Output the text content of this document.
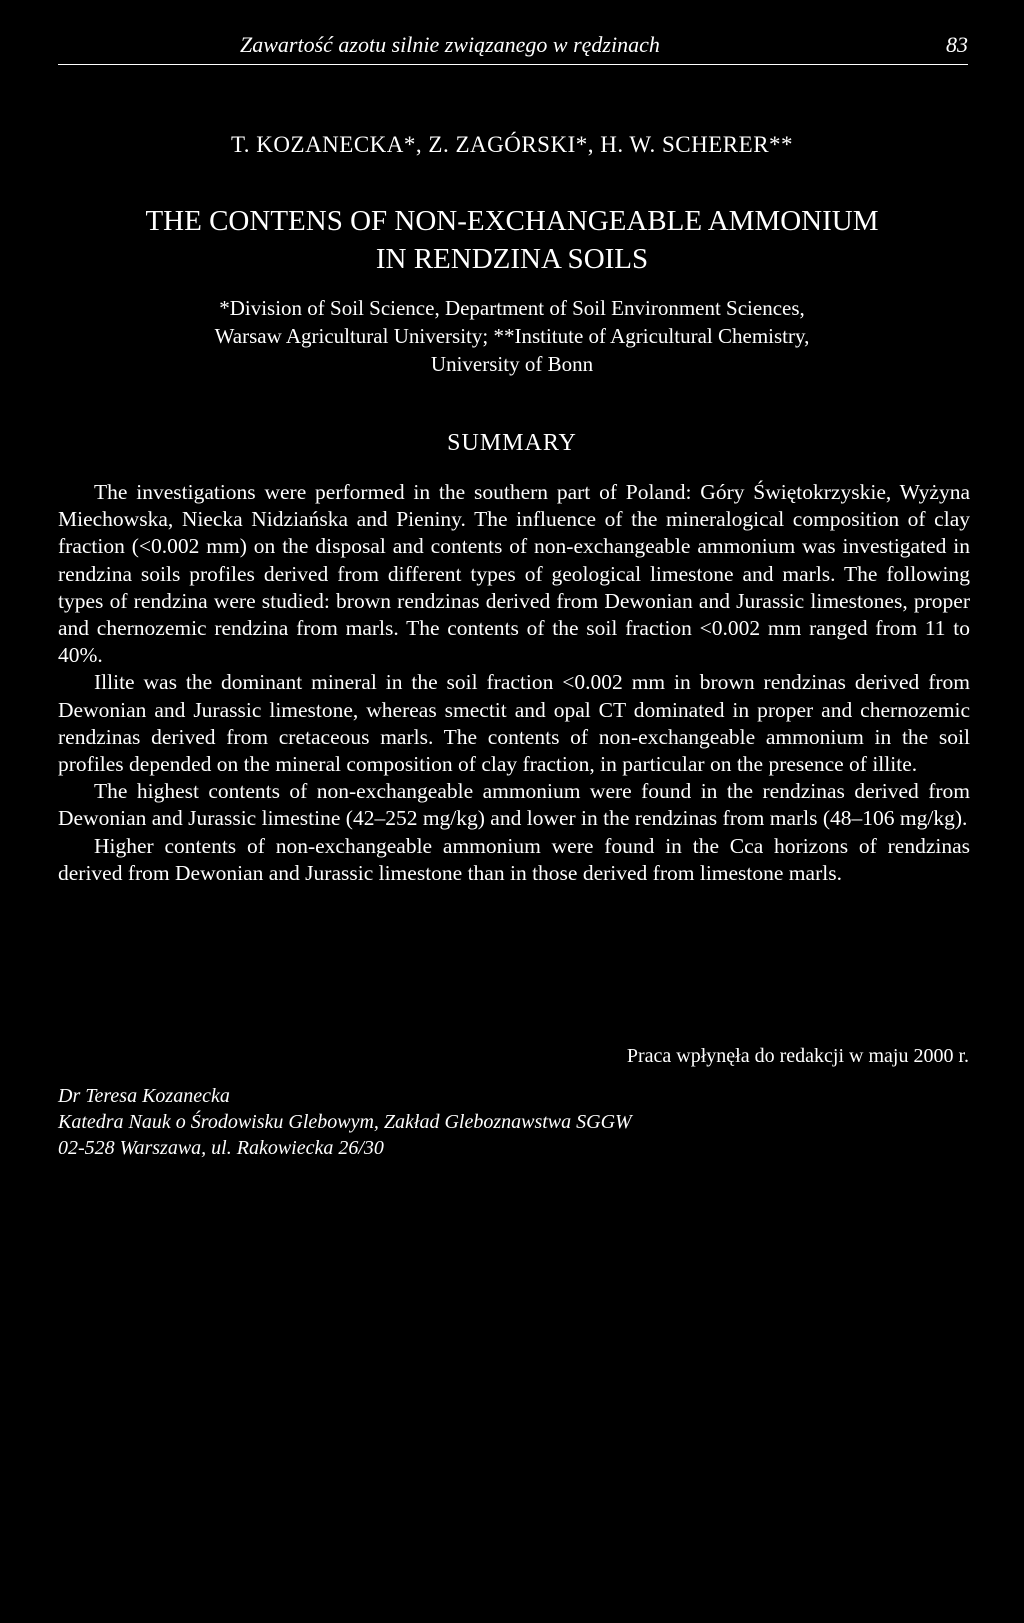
Zawartość azotu silnie związanego w rędzinach	83
T. KOZANECKA*, Z. ZAGÓRSKI*, H. W. SCHERER**
THE CONTENS OF NON-EXCHANGEABLE AMMONIUM
IN RENDZINA SOILS
*Division of Soil Science, Department of Soil Environment Sciences,
Warsaw Agricultural University; **Institute of Agricultural Chemistry,
University of Bonn
SUMMARY

The investigations were performed in the southern part of Poland: Góry Świętokrzyskie, Wyżyna Miechowska, Niecka Nidziańska and Pieniny. The influence of the mineralogical composition of clay fraction (<0.002 mm) on the disposal and contents of non-exchangeable ammonium was investigated in rendzina soils profiles derived from different types of geological limestone and marls. The following types of rendzina were studied: brown rendzinas derived from Dewonian and Jurassic limestones, proper and chernozemic rendzina from marls. The contents of the soil fraction <0.002 mm ranged from 11 to 40%.

Illite was the dominant mineral in the soil fraction <0.002 mm in brown rendzinas derived from Dewonian and Jurassic limestone, whereas smectit and opal CT dominated in proper and chernozemic rendzinas derived from cretaceous marls. The contents of non-exchangeable ammonium in the soil profiles depended on the mineral composition of clay fraction, in particular on the presence of illite.

The highest contents of non-exchangeable ammonium were found in the rendzinas derived from Dewonian and Jurassic limestine (42–252 mg/kg) and lower in the rendzinas from marls (48–106 mg/kg).

Higher contents of non-exchangeable ammonium were found in the Cca horizons of rendzinas derived from Dewonian and Jurassic limestone than in those derived from limestone marls.

Praca wpłynęła do redakcji w maju 2000 r.
Dr Teresa Kozanecka
Katedra Nauk o Środowisku Glebowym, Zakład Gleboznawstwa SGGW
02-528 Warszawa, ul. Rakowiecka 26/30
